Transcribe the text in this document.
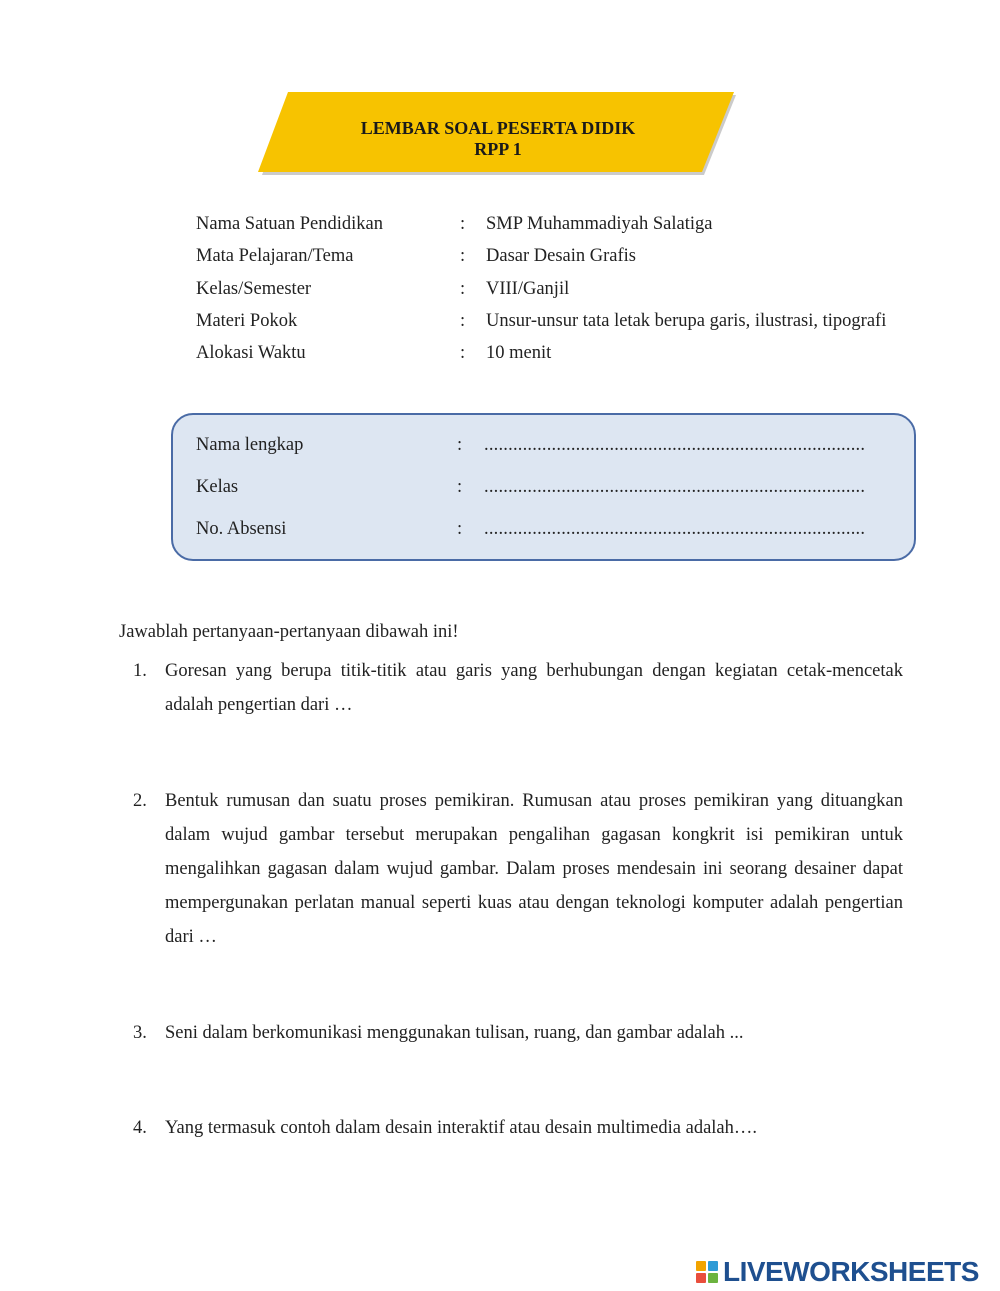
LEMBAR SOAL PESERTA DIDIK
RPP 1
Nama Satuan Pendidikan	: SMP Muhammadiyah Salatiga
Mata Pelajaran/Tema	: Dasar Desain Grafis
Kelas/Semester	: VIII/Ganjil
Materi Pokok	: Unsur-unsur tata letak berupa garis, ilustrasi, tipografi
Alokasi Waktu	: 10 menit
Nama lengkap	: ...............................................................................
Kelas	: ...............................................................................
No. Absensi	: ...............................................................................
Jawablah pertanyaan-pertanyaan dibawah ini!
1. Goresan yang berupa titik-titik atau garis yang berhubungan dengan kegiatan cetak-mencetak adalah pengertian dari …
2. Bentuk rumusan dan suatu proses pemikiran. Rumusan atau proses pemikiran yang dituangkan dalam wujud gambar tersebut merupakan pengalihan gagasan kongkrit isi pemikiran untuk mengalihkan gagasan dalam wujud gambar. Dalam proses mendesain ini seorang desainer dapat mempergunakan perlatan manual seperti kuas atau dengan teknologi komputer adalah pengertian dari …
3. Seni dalam berkomunikasi menggunakan tulisan, ruang, dan gambar adalah ...
4. Yang termasuk contoh dalam desain interaktif atau desain multimedia adalah….
LIVEWORKSHEETS
